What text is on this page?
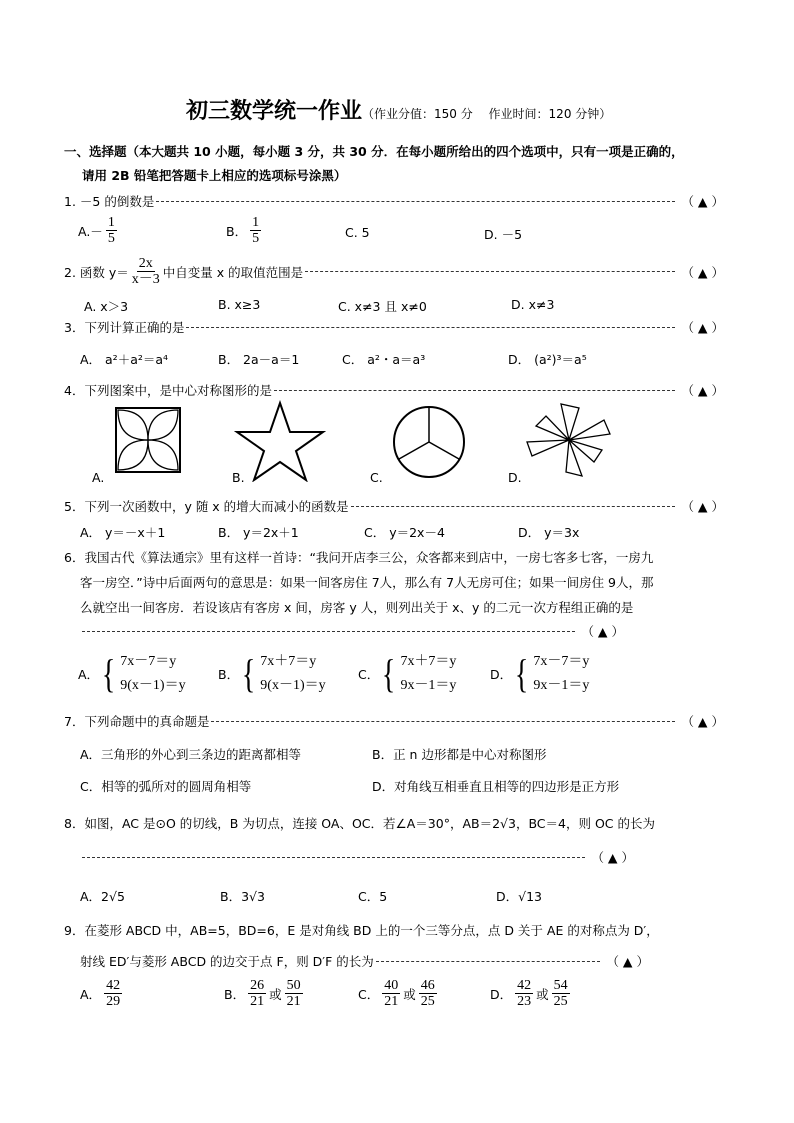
初三数学统一作业（作业分值：150 分　 作业时间：120 分钟）
一、选择题（本大题共 10 小题，每小题 3 分，共 30 分．在每小题所给出的四个选项中，只有一项是正确的，
请用 2B 铅笔把答题卡上相应的选项标号涂黑）
1. －5 的倒数是	（ ▲ ）
$A.- \frac{1}{5}$	B． $\frac{1}{5}$	C. 5	D. －5
2. 函数 $y= \frac{2x}{x-3}$ 中自变量 x 的取值范围是	（ ▲ ）
A. x＞3	B. x≥3	C. x≠3 且 x≠0	D. x≠3
3．下列计算正确的是	（ ▲ ）
A． a²＋a²＝a⁴	B． 2a－a＝1	C． a²・a＝a³	D． (a²)³＝a⁵
4．下列图案中，是中心对称图形的是	（ ▲ ）
A.	B.	C.	D.
5．下列一次函数中，y 随 x 的增大而减小的函数是	（ ▲ ）
A． y＝－x＋1	B． y＝2x＋1	C． y＝2x－4	D． y＝3x
6．我国古代《算法通宗》里有这样一首诗：“我问开店李三公，众客都来到店中，一房七客多七客，一房九
客一房空．”诗中后面两句的意思是：如果一间客房住 7人，那么有 7人无房可住；如果一间房住 9人，那
么就空出一间客房．若设该店有客房 x 间，房客 y 人，则列出关于 x、y 的二元一次方程组正确的是
（ ▲ ）
A． { 7x－7＝y
9(x－1)＝y
B． { 7x＋7＝y
9(x－1)＝y
C． { 7x＋7＝y
9x－1＝y
D． { 7x－7＝y
9x－1＝y
7．下列命题中的真命题是	（ ▲ ）
A．三角形的外心到三条边的距离都相等	B．正 n 边形都是中心对称图形
C．相等的弧所对的圆周角相等	D．对角线互相垂直且相等的四边形是正方形
8．如图，AC 是⊙O 的切线，B 为切点，连接 OA、OC．若∠A＝30°，AB＝2√3，BC＝4，则 OC 的长为
（ ▲ ）
A．2√5	B．3√3	C．5	D．√13
9．在菱形 ABCD 中，AB=5，BD=6，E 是对角线 BD 上的一个三等分点，点 D 关于 AE 的对称点为 D′，
射线 ED′与菱形 ABCD 的边交于点 F，则 D′F 的长为	（ ▲ ）
A． $\frac{42}{29}$	B． $\frac{26}{21}$ 或 $\frac{50}{21}$	C． $\frac{40}{21}$ 或 $\frac{46}{25}$	D． $\frac{42}{23}$ 或 $\frac{54}{25}$
